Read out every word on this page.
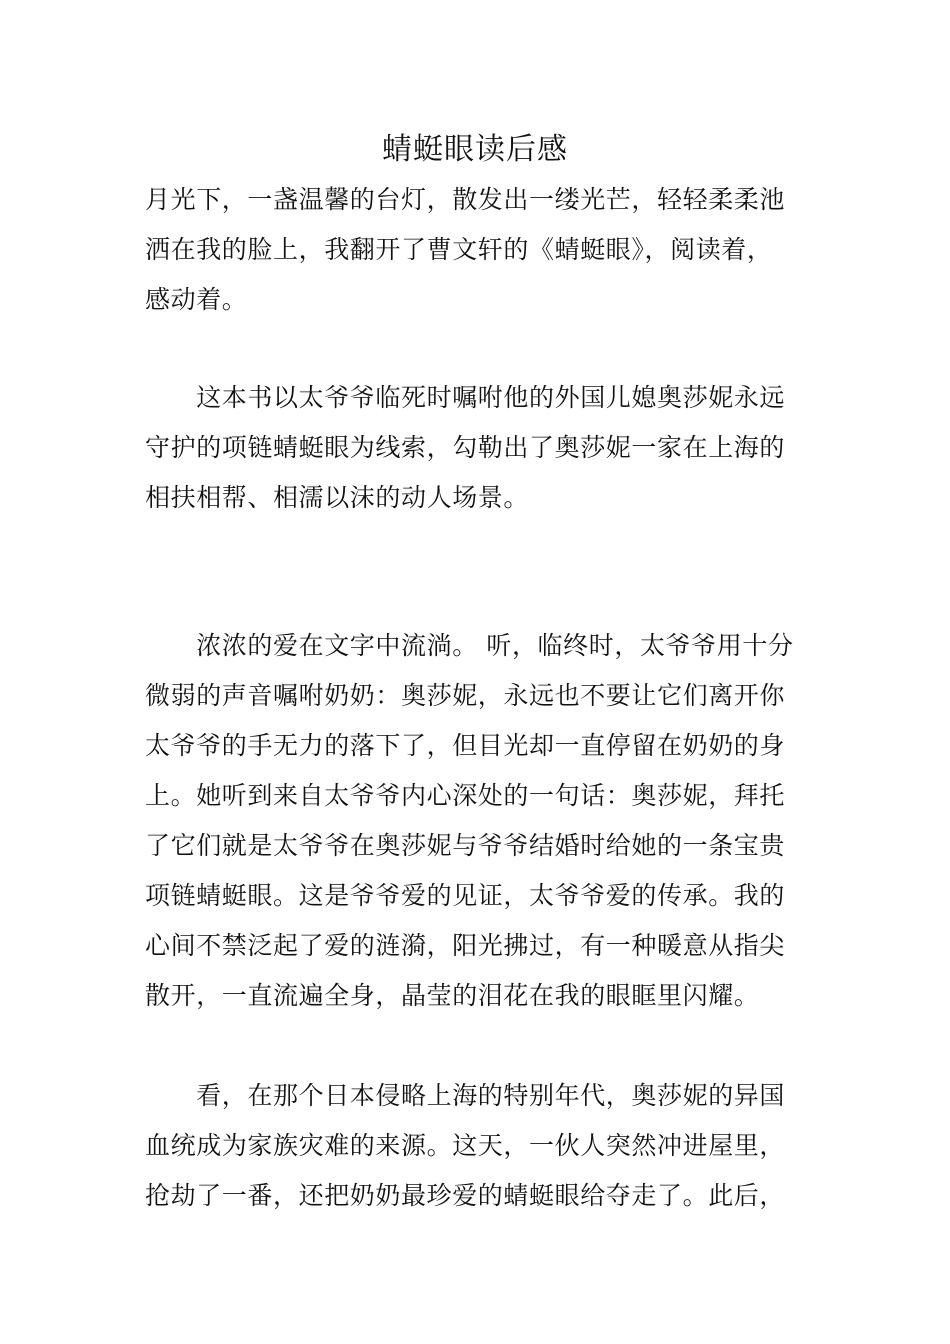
蜻蜓眼读后感

月光下，一盏温馨的台灯，散发出一缕光芒，轻轻柔柔池

洒在我的脸上，我翻开了曹文轩的《蜻蜓眼》，阅读着，

感动着。

　　这本书以太爷爷临死时嘱咐他的外国儿媳奥莎妮永远

守护的项链蜻蜓眼为线索，勾勒出了奥莎妮一家在上海的

相扶相帮、相濡以沫的动人场景。

　　浓浓的爱在文字中流淌。 听，临终时，太爷爷用十分

微弱的声音嘱咐奶奶：奥莎妮，永远也不要让它们离开你

太爷爷的手无力的落下了，但目光却一直停留在奶奶的身

上。她听到来自太爷爷内心深处的一句话：奥莎妮，拜托

了它们就是太爷爷在奥莎妮与爷爷结婚时给她的一条宝贵

项链蜻蜓眼。这是爷爷爱的见证，太爷爷爱的传承。我的

心间不禁泛起了爱的涟漪，阳光拂过，有一种暖意从指尖

散开，一直流遍全身，晶莹的泪花在我的眼眶里闪耀。

　　看，在那个日本侵略上海的特别年代，奥莎妮的异国

血统成为家族灾难的来源。这天，一伙人突然冲进屋里，

抢劫了一番，还把奶奶最珍爱的蜻蜓眼给夺走了。此后，
